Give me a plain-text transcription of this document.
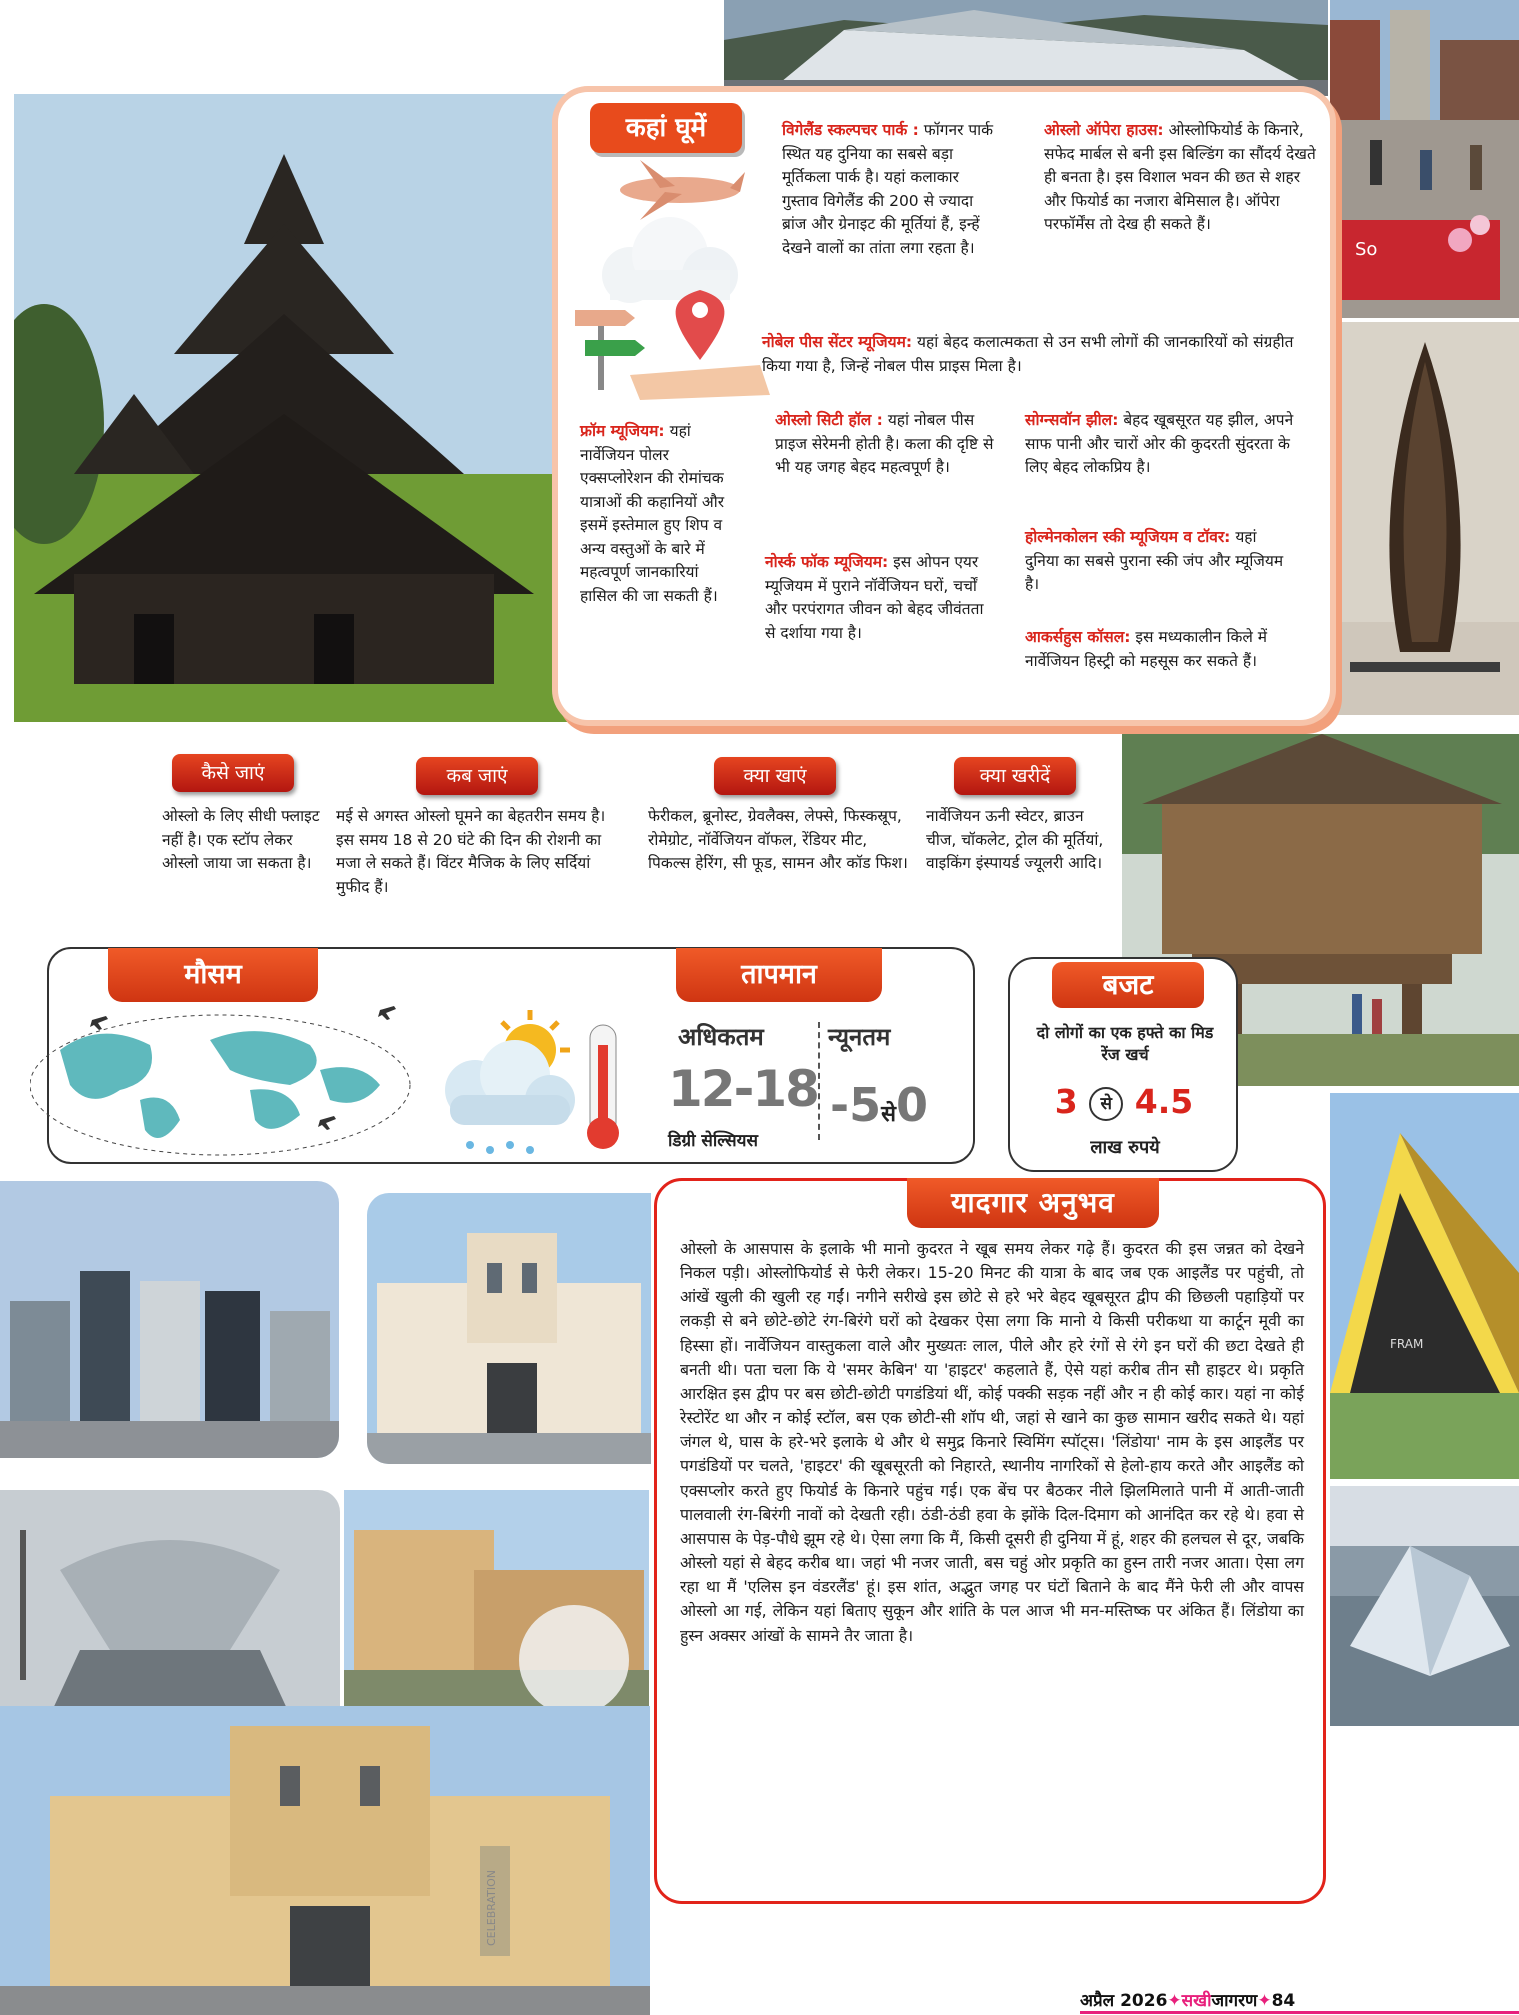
So
FRAM
CELEBRATION
कहां घूमें	विगेलैंड स्कल्पचर पार्क : फॉगनर पार्क स्थित यह दुनिया का सबसे बड़ा मूर्तिकला पार्क है। यहां कलाकार गुस्ताव विगेलैंड की 200 से ज्यादा ब्रांज और ग्रेनाइट की मूर्तियां हैं, इन्हें देखने वालों का तांता लगा रहता है।
ओस्लो ऑपेरा हाउस: ओस्लोफियोर्ड के किनारे, सफेद मार्बल से बनी इस बिल्डिंग का सौंदर्य देखते ही बनता है। इस विशाल भवन की छत से शहर और फियोर्ड का नजारा बेमिसाल है। ऑपेरा परफॉर्मेंस तो देख ही सकते हैं।
नोबेल पीस सेंटर म्यूजियम: यहां बेहद कलात्मकता से उन सभी लोगों की जानकारियों को संग्रहीत किया गया है, जिन्हें नोबल पीस प्राइस मिला है।
फ्रॉम म्यूजियम: यहां नार्वेजियन पोलर एक्सप्लोरेशन की रोमांचक यात्राओं की कहानियों और इसमें इस्तेमाल हुए शिप व अन्य वस्तुओं के बारे में महत्वपूर्ण जानकारियां हासिल की जा सकती हैं।
ओस्लो सिटी हॉल : यहां नोबल पीस प्राइज सेरेमनी होती है। कला की दृष्टि से भी यह जगह बेहद महत्वपूर्ण है।
सोग्न्सवॉन झील: बेहद खूबसूरत यह झील, अपने साफ पानी और चारों ओर की कुदरती सुंदरता के लिए बेहद लोकप्रिय है।
नोर्स्क फॉक म्यूजियम: इस ओपन एयर म्यूजियम में पुराने नॉर्वेजियन घरों, चर्चों और परपंरागत जीवन को बेहद जीवंतता से दर्शाया गया है।
होल्मेनकोलन स्की म्यूजियम व टॉवर: यहां दुनिया का सबसे पुराना स्की जंप और म्यूजियम है।
आकर्सहुस कॉसल: इस मध्यकालीन किले में नार्वेजियन हिस्ट्री को महसूस कर सकते हैं।
कैसे जाएं
ओस्लो के लिए सीधी फ्लाइट नहीं है। एक स्टॉप लेकर ओस्लो जाया जा सकता है।
कब जाएं
मई से अगस्त ओस्लो घूमने का बेहतरीन समय है। इस समय 18 से 20 घंटे की दिन की रोशनी का मजा ले सकते हैं। विंटर मैजिक के लिए सर्दियां मुफीद हैं।
क्या खाएं
फेरीकल, ब्रूनोस्ट, ग्रेवलैक्स, लेफ्से, फिस्कस्रूप, रोमेग्रोट, नॉर्वेजियन वॉफल, रेंडियर मीट, पिकल्स हेरिंग, सी फूड, सामन और कॉड फिश।
क्या खरीदें
नार्वेजियन ऊनी स्वेटर, ब्राउन चीज, चॉकलेट, ट्रोल की मूर्तियां, वाइकिंग इंस्पायर्ड ज्यूलरी आदि।
मौसम	तापमान
अधिकतम
12-18
डिग्री सेल्सियस
न्यूनतम
-5से0
बजट
दो लोगों का एक हफ्ते का मिड रेंज खर्च
3 से 4.5
लाख रुपये
यादगार अनुभव
ओस्लो के आसपास के इलाके भी मानो कुदरत ने खूब समय लेकर गढ़े हैं। कुदरत की इस जन्नत को देखने निकल पड़ी। ओस्लोफियोर्ड से फेरी लेकर। 15-20 मिनट की यात्रा के बाद जब एक आइलैंड पर पहुंची, तो आंखें खुली की खुली रह गईं। नगीने सरीखे इस छोटे से हरे भरे बेहद खूबसूरत द्वीप की छिछली पहाड़ियों पर लकड़ी से बने छोटे-छोटे रंग-बिरंगे घरों को देखकर ऐसा लगा कि मानो ये किसी परीकथा या कार्टून मूवी का हिस्सा हों। नार्वेजियन वास्तुकला वाले और मुख्यतः लाल, पीले और हरे रंगों से रंगे इन घरों की छटा देखते ही बनती थी। पता चला कि ये 'समर केबिन' या 'हाइटर' कहलाते हैं, ऐसे यहां करीब तीन सौ हाइटर थे। प्रकृति आरक्षित इस द्वीप पर बस छोटी-छोटी पगडंडियां थीं, कोई पक्की सड़क नहीं और न ही कोई कार। यहां ना कोई रेस्टोरेंट था और न कोई स्टॉल, बस एक छोटी-सी शॉप थी, जहां से खाने का कुछ सामान खरीद सकते थे। यहां जंगल थे, घास के हरे-भरे इलाके थे और थे समुद्र किनारे स्विमिंग स्पॉट्स। 'लिंडोया' नाम के इस आइलैंड पर पगडंडियों पर चलते, 'हाइटर' की खूबसूरती को निहारते, स्थानीय नागरिकों से हेलो-हाय करते और आइलैंड को एक्सप्लोर करते हुए फियोर्ड के किनारे पहुंच गई। एक बेंच पर बैठकर नीले झिलमिलाते पानी में आती-जाती पालवाली रंग-बिरंगी नावों को देखती रही। ठंडी-ठंडी हवा के झोंके दिल-दिमाग को आनंदित कर रहे थे। हवा से आसपास के पेड़-पौधे झूम रहे थे। ऐसा लगा कि मैं, किसी दूसरी ही दुनिया में हूं, शहर की हलचल से दूर, जबकि ओस्लो यहां से बेहद करीब था। जहां भी नजर जाती, बस चहुं ओर प्रकृति का हुस्न तारी नजर आता। ऐसा लग रहा था मैं 'एलिस इन वंडरलैंड' हूं। इस शांत, अद्भुत जगह पर घंटों बिताने के बाद मैंने फेरी ली और वापस ओस्लो आ गई, लेकिन यहां बिताए सुकून और शांति के पल आज भी मन-मस्तिष्क पर अंकित हैं। लिंडोया का हुस्न अक्सर आंखों के सामने तैर जाता है।
अप्रैल 2026✦सखीजागरण✦84
